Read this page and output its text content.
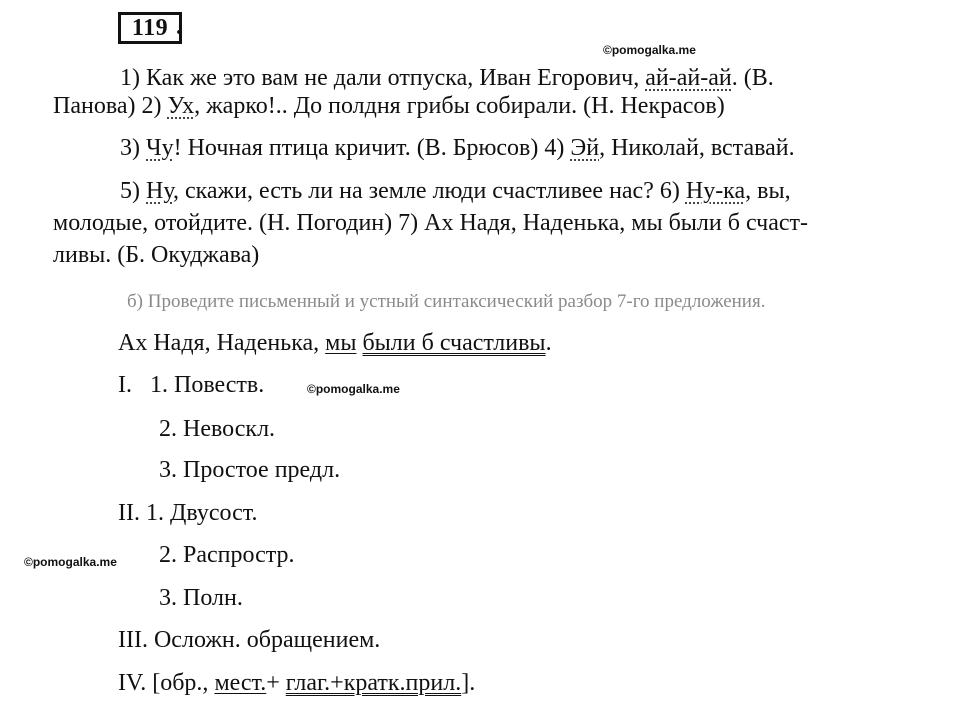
119 .
©pomogalka.me
©pomogalka.me
©pomogalka.me
1) Как же это вам не дали отпуска, Иван Егорович, ай-ай-ай. (В.
Панова) 2) Ух, жарко!.. До полдня грибы собирали. (Н. Некрасов)
3) Чу! Ночная птица кричит. (В. Брюсов) 4) Эй, Николай, вставай.
5) Ну, скажи, есть ли на земле люди счастливее нас? 6) Ну-ка, вы,
молодые, отойдите. (Н. Погодин) 7) Ах Надя, Наденька, мы были б счаст-
ливы. (Б. Окуджава)
б) Проведите письменный и устный синтаксический разбор 7-го предложения.
Ах Надя, Наденька, мы были б счастливы.
I.   1. Повеств.
2. Невоскл.
3. Простое предл.
II. 1. Двусост.
2. Распростр.
3. Полн.
III. Осложн. обращением.
IV. [обр., мест.+ глаг.+кратк.прил.].
